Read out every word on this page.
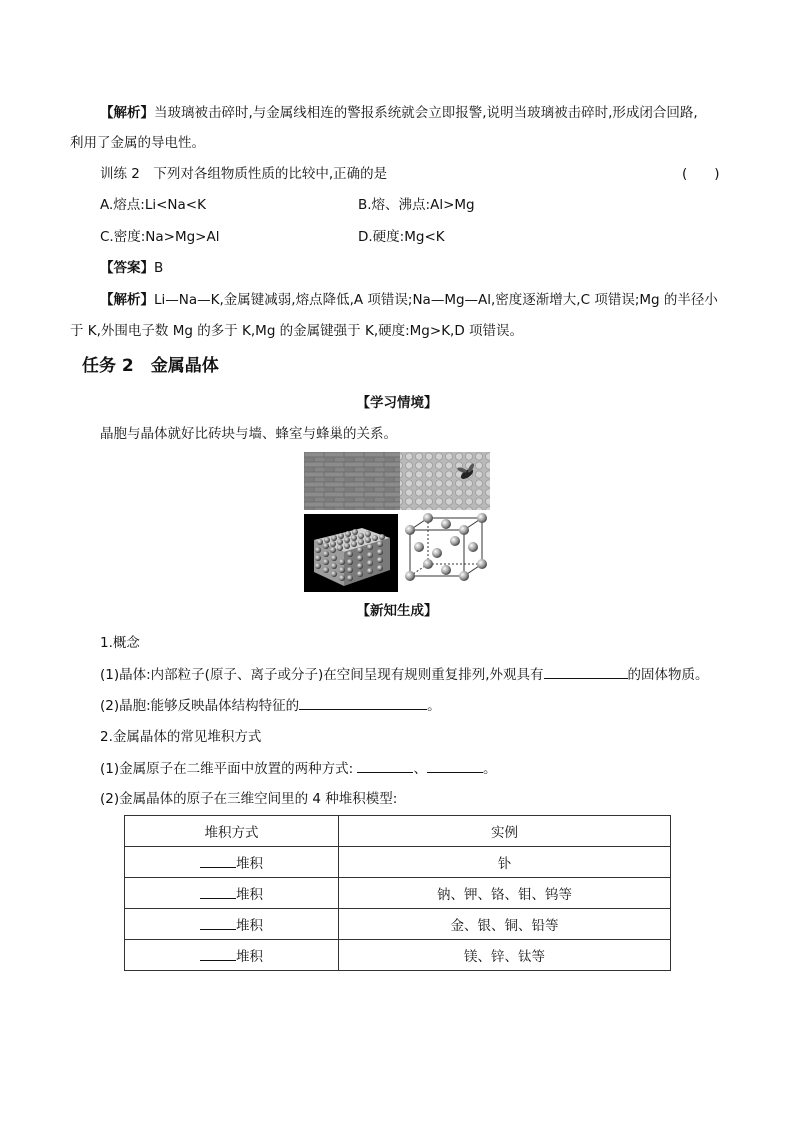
【解析】当玻璃被击碎时,与金属线相连的警报系统就会立即报警,说明当玻璃被击碎时,形成闭合回路,
利用了金属的导电性。
训练 2　下列对各组物质性质的比较中,正确的是	(　　)
A.熔点:Li<Na<K	B.熔、沸点:Al>Mg
C.密度:Na>Mg>Al	D.硬度:Mg<K
【答案】B
【解析】Li—Na—K,金属键减弱,熔点降低,A 项错误;Na—Mg—Al,密度逐渐增大,C 项错误;Mg 的半径小
于 K,外围电子数 Mg 的多于 K,Mg 的金属键强于 K,硬度:Mg>K,D 项错误。
任务 2　金属晶体
【学习情境】
晶胞与晶体就好比砖块与墙、蜂室与蜂巢的关系。
【新知生成】
1.概念
(1)晶体:内部粒子(原子、离子或分子)在空间呈现有规则重复排列,外观具有	的固体物质。
(2)晶胞:能够反映晶体结构特征的	。
2.金属晶体的常见堆积方式
(1)金属原子在二维平面中放置的两种方式:	、	。
(2)金属晶体的原子在三维空间里的 4 种堆积模型:
堆积方式	实例
堆积	钋
堆积	钠、钾、铬、钼、钨等
堆积	金、银、铜、铅等
堆积	镁、锌、钛等
